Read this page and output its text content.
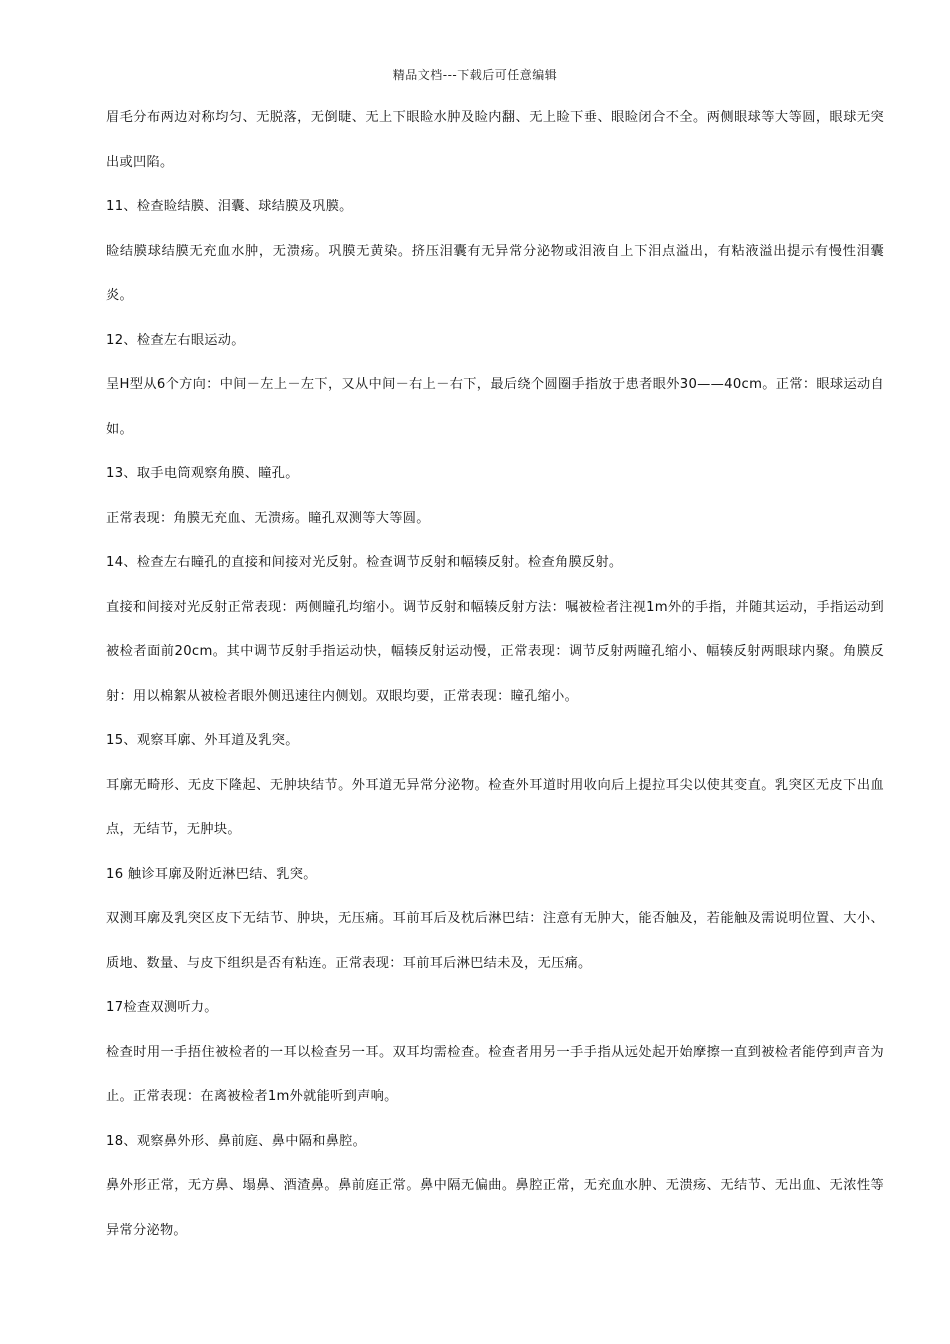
精品文档---下载后可任意编辑

眉毛分布两边对称均匀、无脱落，无倒睫、无上下眼睑水肿及睑内翻、无上睑下垂、眼睑闭合不全。两侧眼球等大等圆，眼球无突出或凹陷。

11、检查睑结膜、泪囊、球结膜及巩膜。

睑结膜球结膜无充血水肿，无溃疡。巩膜无黄染。挤压泪囊有无异常分泌物或泪液自上下泪点溢出，有粘液溢出提示有慢性泪囊炎。

12、检查左右眼运动。

呈H型从6个方向：中间－左上－左下，又从中间－右上－右下，最后绕个圆圈手指放于患者眼外30——40cm。正常：眼球运动自如。

13、取手电筒观察角膜、瞳孔。

正常表现：角膜无充血、无溃疡。瞳孔双测等大等圆。

14、检查左右瞳孔的直接和间接对光反射。检查调节反射和幅辏反射。检查角膜反射。

直接和间接对光反射正常表现：两侧瞳孔均缩小。调节反射和幅辏反射方法：嘱被检者注视1m外的手指，并随其运动，手指运动到被检者面前20cm。其中调节反射手指运动快，幅辏反射运动慢，正常表现：调节反射两瞳孔缩小、幅辏反射两眼球内聚。角膜反射：用以棉絮从被检者眼外侧迅速往内侧划。双眼均要，正常表现：瞳孔缩小。

15、观察耳廓、外耳道及乳突。

耳廓无畸形、无皮下隆起、无肿块结节。外耳道无异常分泌物。检查外耳道时用收向后上提拉耳尖以使其变直。乳突区无皮下出血点，无结节，无肿块。

16 触诊耳廓及附近淋巴结、乳突。

双测耳廓及乳突区皮下无结节、肿块，无压痛。耳前耳后及枕后淋巴结：注意有无肿大，能否触及，若能触及需说明位置、大小、质地、数量、与皮下组织是否有粘连。正常表现：耳前耳后淋巴结未及，无压痛。

17检查双测听力。

检查时用一手捂住被检者的一耳以检查另一耳。双耳均需检查。检查者用另一手手指从远处起开始摩擦一直到被检者能停到声音为止。正常表现：在离被检者1m外就能听到声响。

18、观察鼻外形、鼻前庭、鼻中隔和鼻腔。

鼻外形正常，无方鼻、塌鼻、酒渣鼻。鼻前庭正常。鼻中隔无偏曲。鼻腔正常，无充血水肿、无溃疡、无结节、无出血、无浓性等异常分泌物。
